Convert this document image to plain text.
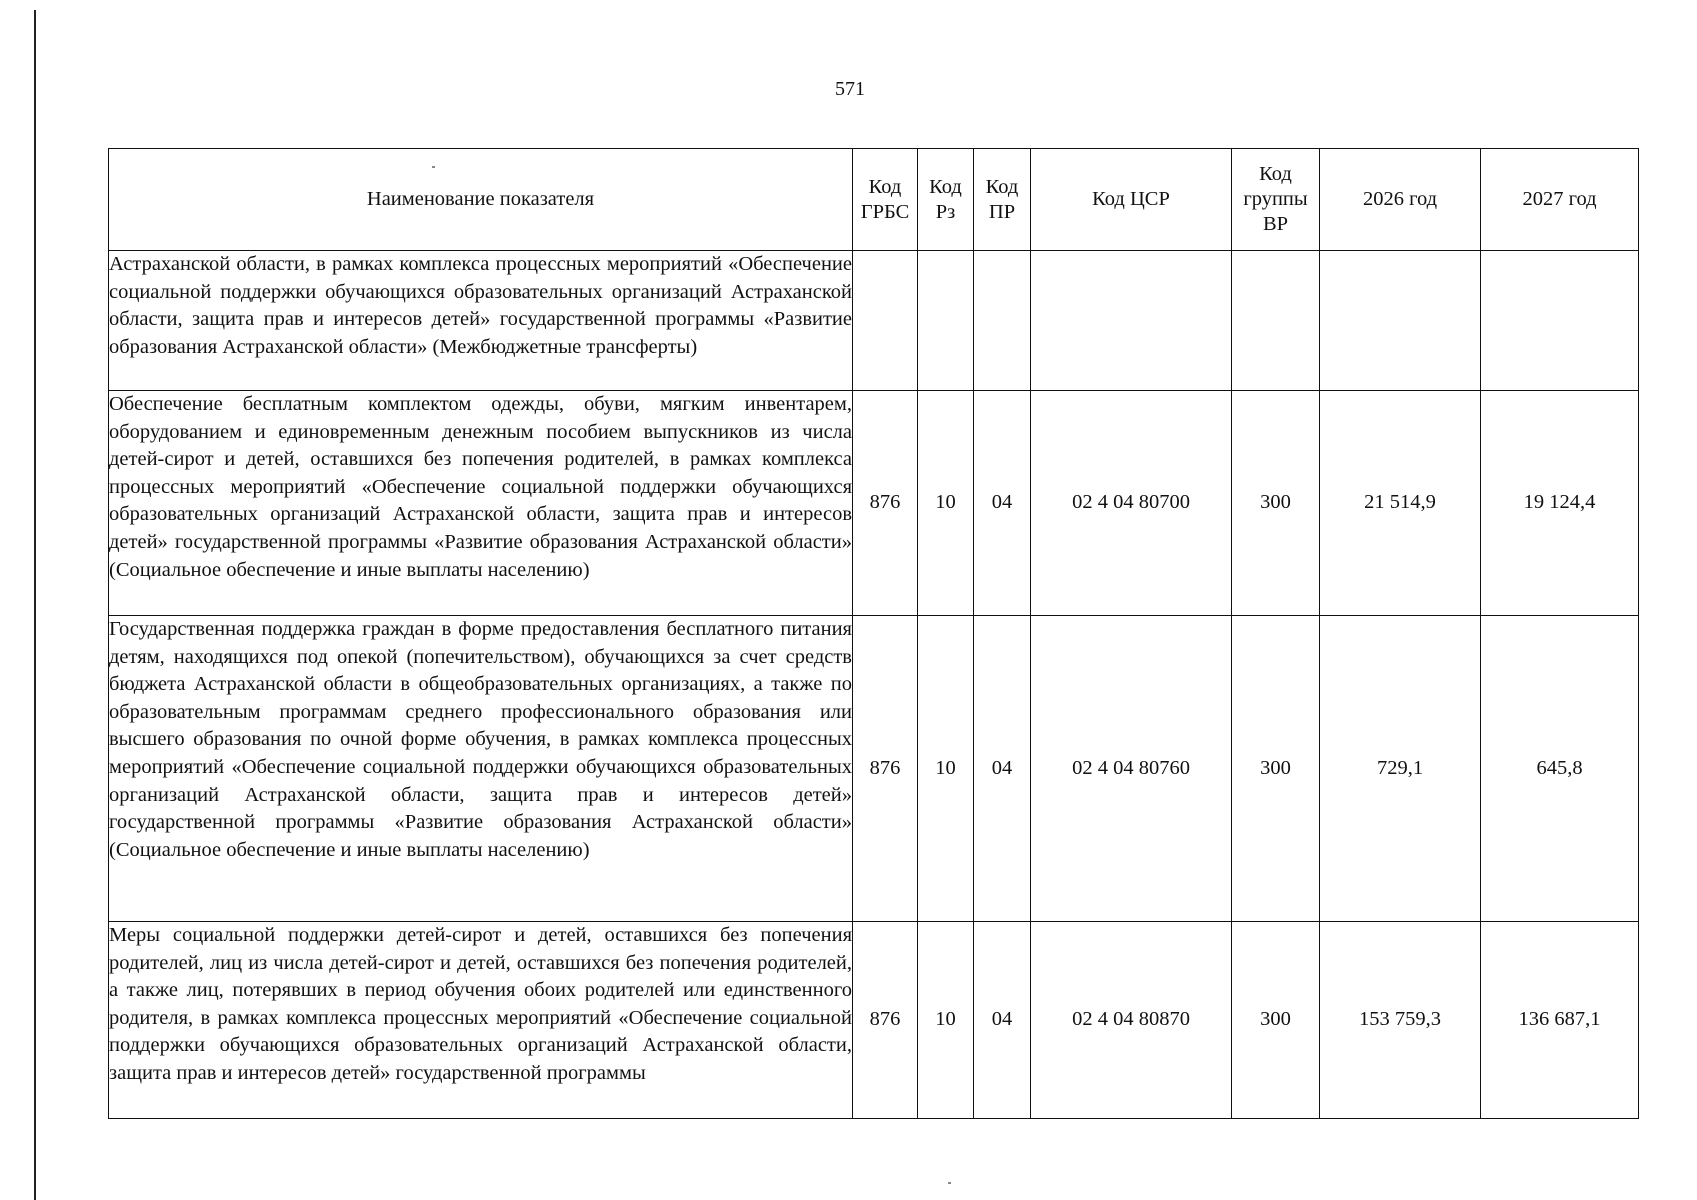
571
Наименование показателя	Код ГРБС	Код Рз	Код ПР	Код ЦСР	Код группы ВР	2026 год	2027 год
Астраханской области, в рамках комплекса процессных мероприятий «Обеспечение социальной поддержки обучающихся образовательных организаций Астраханской области, защита прав и интересов детей» государственной программы «Развитие образования Астраханской области» (Межбюджетные трансферты)							
Обеспечение бесплатным комплектом одежды, обуви, мягким инвентарем, оборудованием и единовременным денежным пособием выпускников из числа детей-сирот и детей, оставшихся без попечения родителей, в рамках комплекса процессных мероприятий «Обеспечение социальной поддержки обучающихся образовательных организаций Астраханской области, защита прав и интересов детей» государственной программы «Развитие образования Астраханской области» (Социальное обеспечение и иные выплаты населению)	876	10	04	02 4 04 80700	300	21 514,9	19 124,4
Государственная поддержка граждан в форме предоставления бесплатного питания детям, находящихся под опекой (попечительством), обучающихся за счет средств бюджета Астраханской области в общеобразовательных организациях, а также по образовательным программам среднего профессионального образования или высшего образования по очной форме обучения, в рамках комплекса процессных мероприятий «Обеспечение социальной поддержки обучающихся образовательных организаций Астраханской области, защита прав и интересов детей» государственной программы «Развитие образования Астраханской области» (Социальное обеспечение и иные выплаты населению)	876	10	04	02 4 04 80760	300	729,1	645,8

Меры социальной поддержки детей-сирот и детей, оставшихся без попечения родителей, лиц из числа детей-сирот и детей, оставшихся без попечения родителей, а также лиц, потерявших в период обучения обоих родителей или единственного родителя, в рамках комплекса процессных мероприятий «Обеспечение социальной поддержки обучающихся образовательных организаций Астраханской области, защита прав и интересов детей» государственной программы	876	10	04	02 4 04 80870	300	153 759,3	136 687,1
